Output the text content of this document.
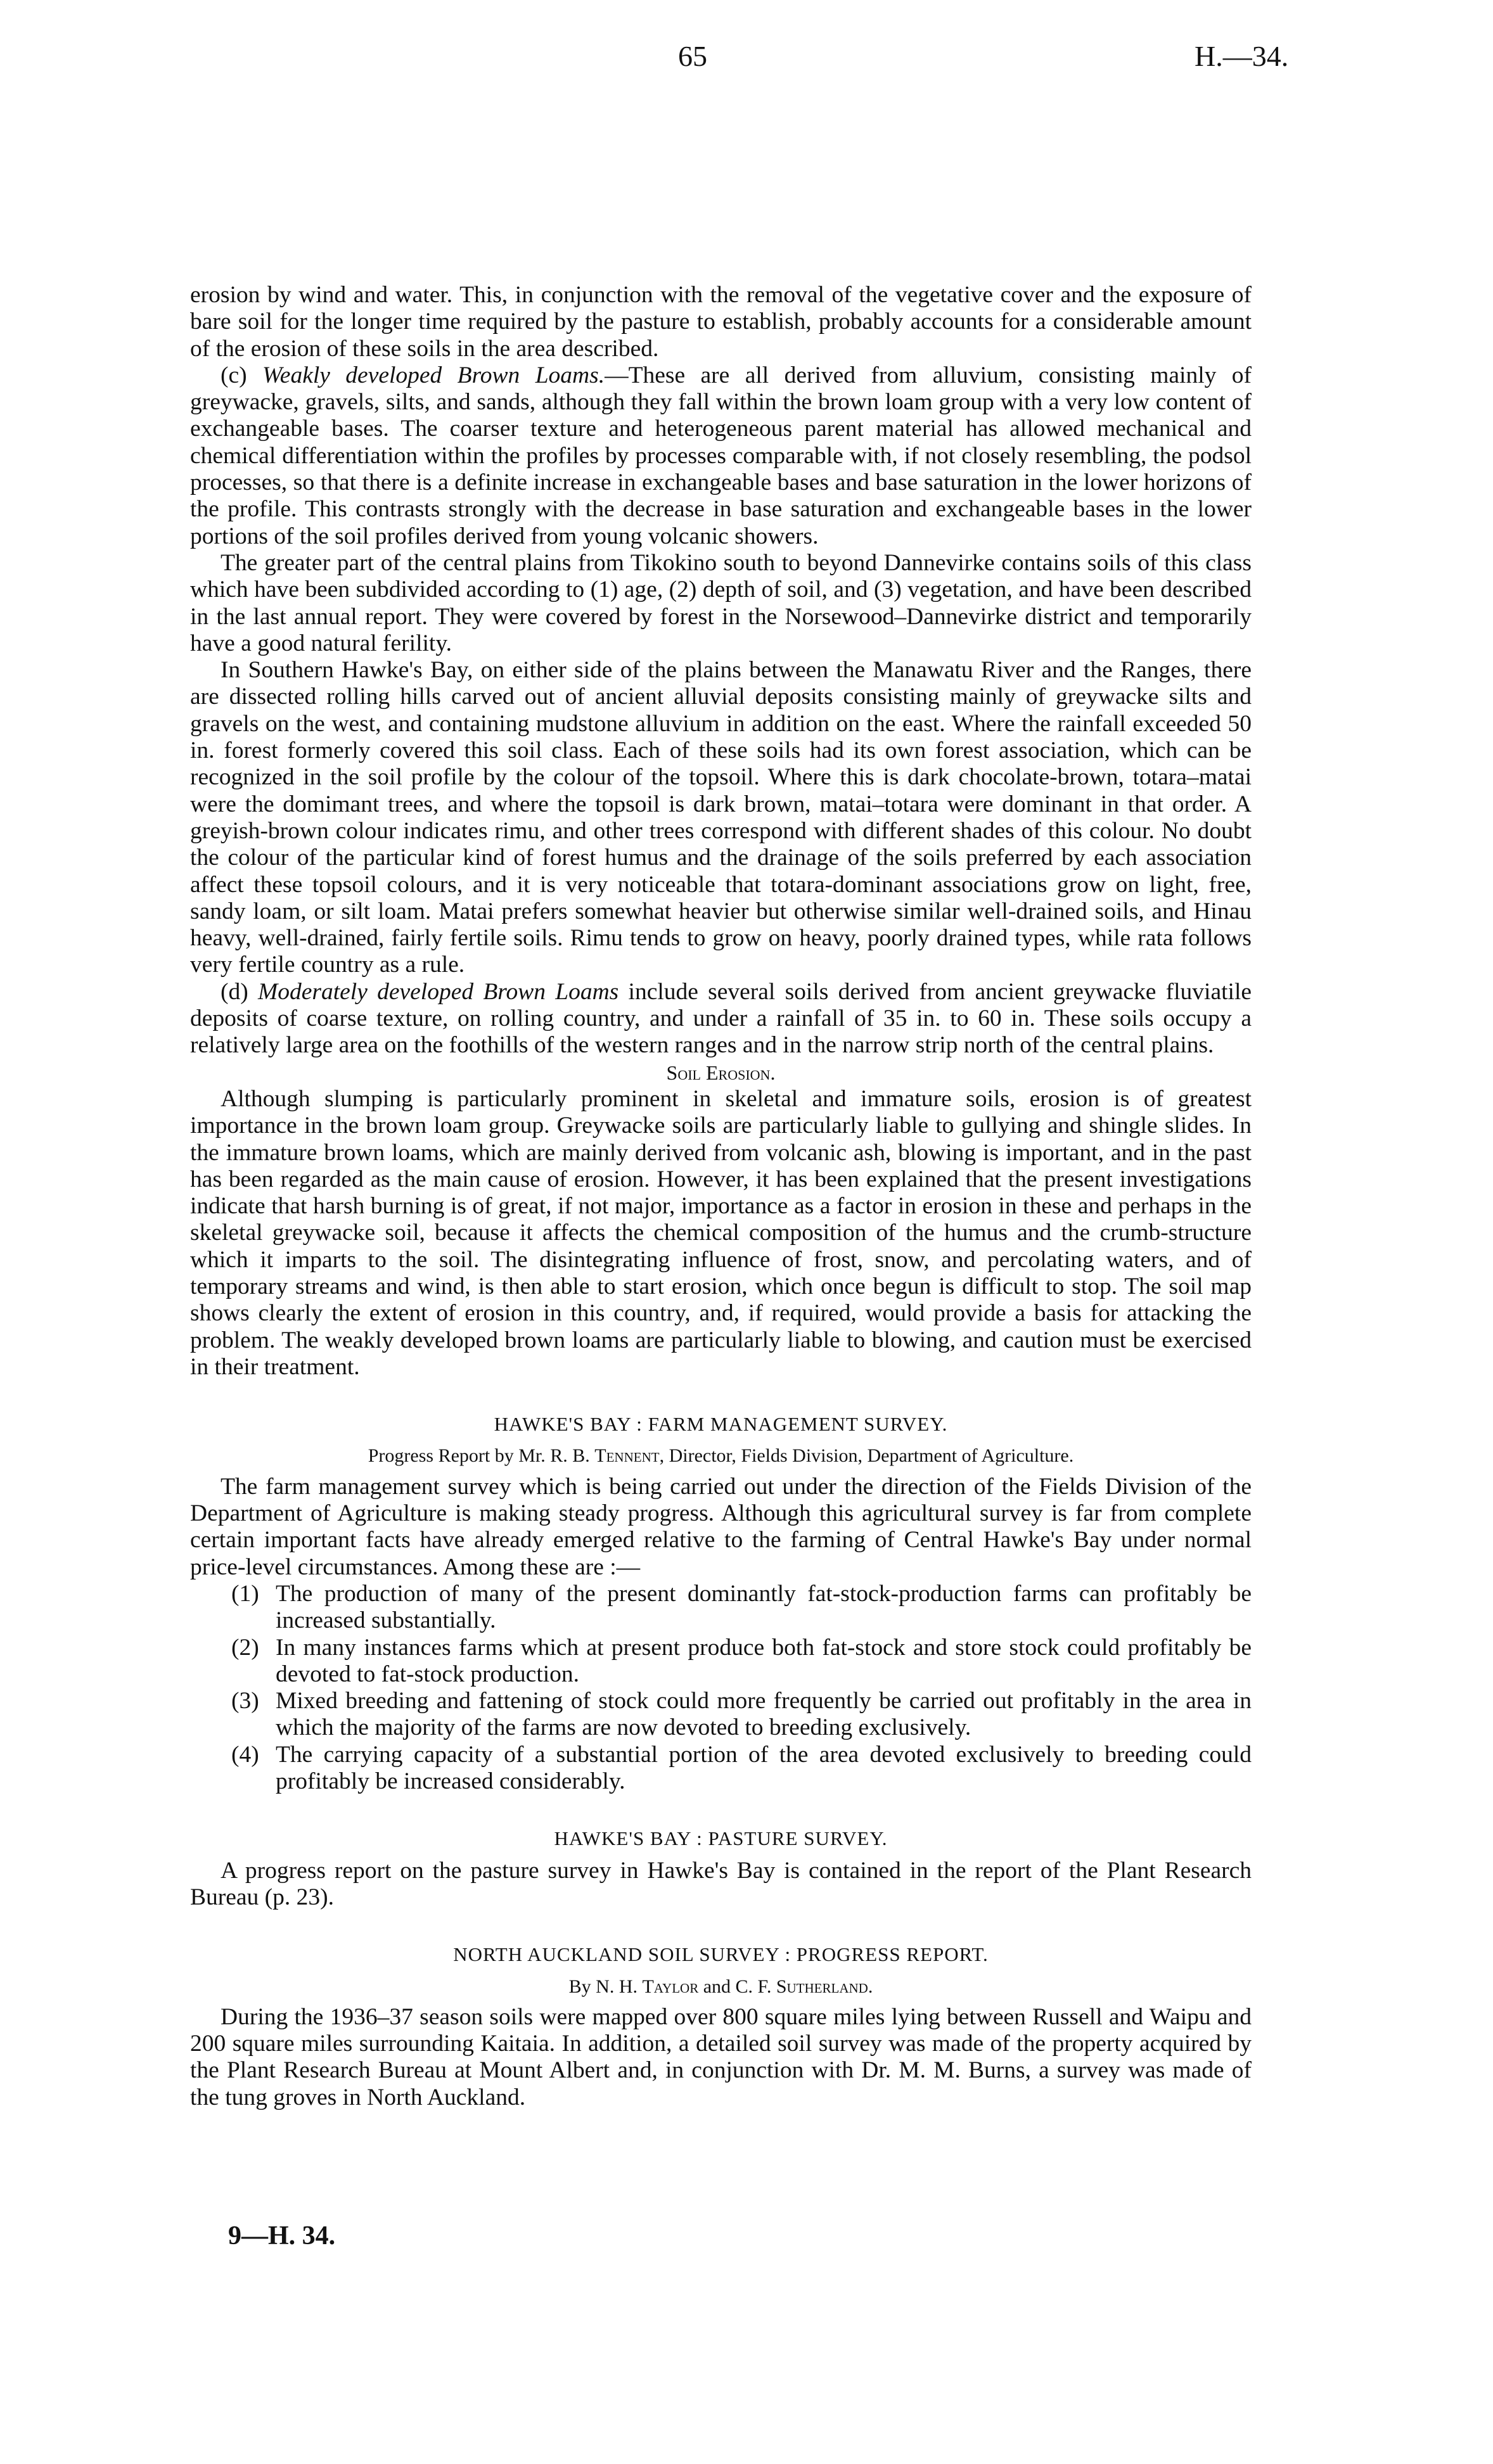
65	H.—34.

erosion by wind and water. This, in conjunction with the removal of the vegetative cover and the exposure of bare soil for the longer time required by the pasture to establish, probably accounts for a considerable amount of the erosion of these soils in the area described.

(c) Weakly developed Brown Loams.—These are all derived from alluvium, consisting mainly of greywacke, gravels, silts, and sands, although they fall within the brown loam group with a very low content of exchangeable bases. The coarser texture and heterogeneous parent material has allowed mechanical and chemical differentiation within the profiles by processes comparable with, if not closely resembling, the podsol processes, so that there is a definite increase in exchangeable bases and base saturation in the lower horizons of the profile. This contrasts strongly with the decrease in base saturation and exchangeable bases in the lower portions of the soil profiles derived from young volcanic showers.

The greater part of the central plains from Tikokino south to beyond Dannevirke contains soils of this class which have been subdivided according to (1) age, (2) depth of soil, and (3) vegetation, and have been described in the last annual report. They were covered by forest in the Norsewood–Dannevirke district and temporarily have a good natural ferility.

In Southern Hawke's Bay, on either side of the plains between the Manawatu River and the Ranges, there are dissected rolling hills carved out of ancient alluvial deposits consisting mainly of greywacke silts and gravels on the west, and containing mudstone alluvium in addition on the east. Where the rainfall exceeded 50 in. forest formerly covered this soil class. Each of these soils had its own forest association, which can be recognized in the soil profile by the colour of the topsoil. Where this is dark chocolate-brown, totara–matai were the domimant trees, and where the topsoil is dark brown, matai–totara were dominant in that order. A greyish-brown colour indicates rimu, and other trees correspond with different shades of this colour. No doubt the colour of the particular kind of forest humus and the drainage of the soils preferred by each association affect these topsoil colours, and it is very noticeable that totara-dominant associations grow on light, free, sandy loam, or silt loam. Matai prefers somewhat heavier but otherwise similar well-drained soils, and Hinau heavy, well-drained, fairly fertile soils. Rimu tends to grow on heavy, poorly drained types, while rata follows very fertile country as a rule.

(d) Moderately developed Brown Loams include several soils derived from ancient greywacke fluviatile deposits of coarse texture, on rolling country, and under a rainfall of 35 in. to 60 in. These soils occupy a relatively large area on the foothills of the western ranges and in the narrow strip north of the central plains.

Soil Erosion.

Although slumping is particularly prominent in skeletal and immature soils, erosion is of greatest importance in the brown loam group. Greywacke soils are particularly liable to gullying and shingle slides. In the immature brown loams, which are mainly derived from volcanic ash, blowing is important, and in the past has been regarded as the main cause of erosion. However, it has been explained that the present investigations indicate that harsh burning is of great, if not major, importance as a factor in erosion in these and perhaps in the skeletal greywacke soil, because it affects the chemical composition of the humus and the crumb-structure which it imparts to the soil. The disintegrating influence of frost, snow, and percolating waters, and of temporary streams and wind, is then able to start erosion, which once begun is difficult to stop. The soil map shows clearly the extent of erosion in this country, and, if required, would provide a basis for attacking the problem. The weakly developed brown loams are particularly liable to blowing, and caution must be exercised in their treatment.

HAWKE'S BAY : FARM MANAGEMENT SURVEY.

Progress Report by Mr. R. B. Tennent, Director, Fields Division, Department of Agriculture.

The farm management survey which is being carried out under the direction of the Fields Division of the Department of Agriculture is making steady progress. Although this agricultural survey is far from complete certain important facts have already emerged relative to the farming of Central Hawke's Bay under normal price-level circumstances. Among these are :—

(1) The production of many of the present dominantly fat-stock-production farms can profitably be increased substantially.

(2) In many instances farms which at present produce both fat-stock and store stock could profitably be devoted to fat-stock production.

(3) Mixed breeding and fattening of stock could more frequently be carried out profitably in the area in which the majority of the farms are now devoted to breeding exclusively.

(4) The carrying capacity of a substantial portion of the area devoted exclusively to breeding could profitably be increased considerably.

HAWKE'S BAY : PASTURE SURVEY.

A progress report on the pasture survey in Hawke's Bay is contained in the report of the Plant Research Bureau (p. 23).

NORTH AUCKLAND SOIL SURVEY : PROGRESS REPORT.

By N. H. Taylor and C. F. Sutherland.

During the 1936–37 season soils were mapped over 800 square miles lying between Russell and Waipu and 200 square miles surrounding Kaitaia. In addition, a detailed soil survey was made of the property acquired by the Plant Research Bureau at Mount Albert and, in conjunction with Dr. M. M. Burns, a survey was made of the tung groves in North Auckland.

9—H. 34.
